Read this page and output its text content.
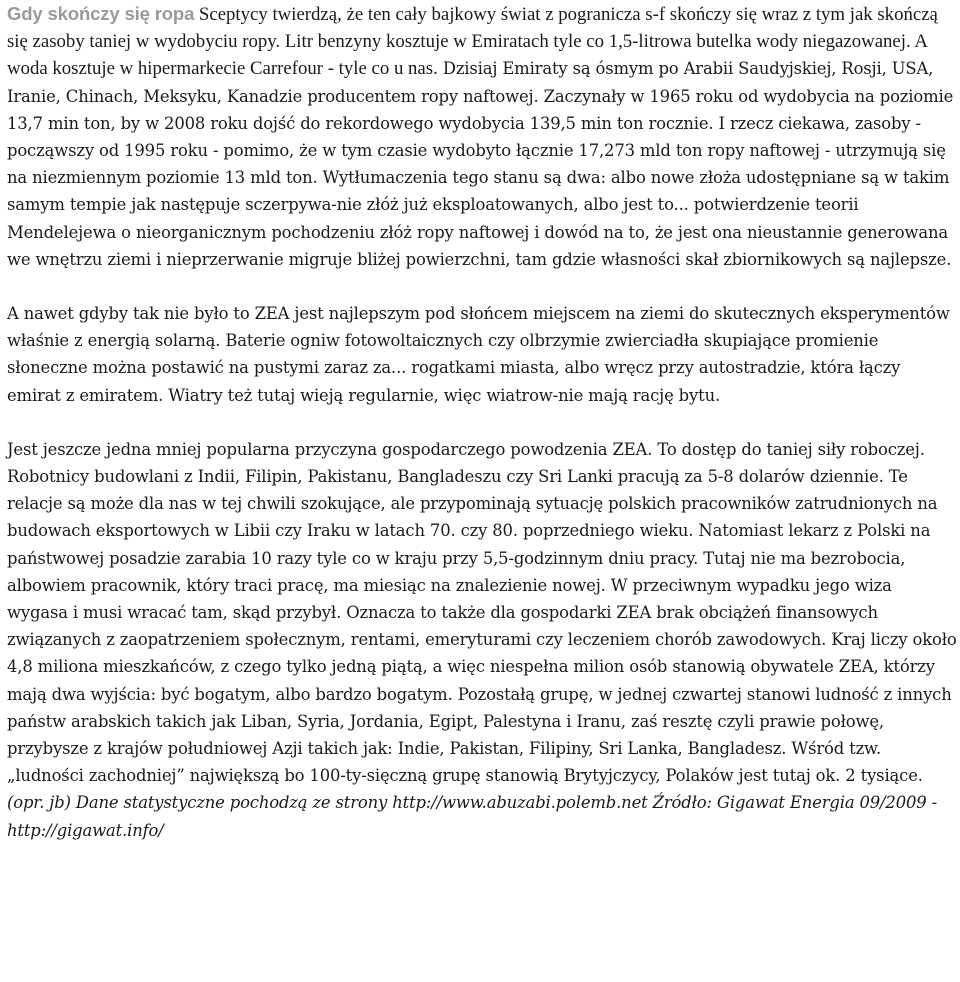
Gdy skończy się ropa Sceptycy twierdzą, że ten cały bajkowy świat z pogranicza s-f skończy się wraz z tym jak skończą się zasoby taniej w wydobyciu ropy. Litr benzyny kosztuje w Emiratach tyle co 1,5-litrowa butelka wody niegazowanej. A woda kosztuje w hipermarkecie Carrefour - tyle co u nas. Dzisiaj Emiraty są ósmym po Arabii Saudyjskiej, Rosji, USA, Iranie, Chinach, Meksyku, Kanadzie producentem ropy naftowej. Zaczynały w 1965 roku od wydobycia na poziomie 13,7 min ton, by w 2008 roku dojść do rekordowego wydobycia 139,5 min ton rocznie. I rzecz ciekawa, zasoby - począwszy od 1995 roku - pomimo, że w tym czasie wydobyto łącznie 17,273 mld ton ropy naftowej - utrzymują się na niezmiennym poziomie 13 mld ton. Wytłumaczenia tego stanu są dwa: albo nowe złoża udostępniane są w takim samym tempie jak następuje sczerpywa-nie złóż już eksploatowanych, albo jest to... potwierdzenie teorii Mendelejewa o nieorganicznym pochodzeniu złóż ropy naftowej i dowód na to, że jest ona nieustannie generowana we wnętrzu ziemi i nieprzerwanie migruje bliżej powierzchni, tam gdzie własności skał zbiornikowych są najlepsze.

A nawet gdyby tak nie było to ZEA jest najlepszym pod słońcem miejscem na ziemi do skutecznych eksperymentów właśnie z energią solarną. Baterie ogniw fotowoltaicznych czy olbrzymie zwierciadła skupiające promienie słoneczne można postawić na pustymi zaraz za... rogatkami miasta, albo wręcz przy autostradzie, która łączy emirat z emiratem. Wiatry też tutaj wieją regularnie, więc wiatrow-nie mają rację bytu.

Jest jeszcze jedna mniej popularna przyczyna gospodarczego powodzenia ZEA. To dostęp do taniej siły roboczej. Robotnicy budowlani z Indii, Filipin, Pakistanu, Bangladeszu czy Sri Lanki pracują za 5-8 dolarów dziennie. Te relacje są może dla nas w tej chwili szokujące, ale przypominają sytuację polskich pracowników zatrudnionych na budowach eksportowych w Libii czy Iraku w latach 70. czy 80. poprzedniego wieku. Natomiast lekarz z Polski na państwowej posadzie zarabia 10 razy tyle co w kraju przy 5,5-godzinnym dniu pracy. Tutaj nie ma bezrobocia, albowiem pracownik, który traci pracę, ma miesiąc na znalezienie nowej. W przeciwnym wypadku jego wiza wygasa i musi wracać tam, skąd przybył. Oznacza to także dla gospodarki ZEA brak obciążeń finansowych związanych z zaopatrzeniem społecznym, rentami, emeryturami czy leczeniem chorób zawodowych. Kraj liczy około 4,8 miliona mieszkańców, z czego tylko jedną piątą, a więc niespełna milion osób stanowią obywatele ZEA, którzy mają dwa wyjścia: być bogatym, albo bardzo bogatym. Pozostałą grupę, w jednej czwartej stanowi ludność z innych państw arabskich takich jak Liban, Syria, Jordania, Egipt, Palestyna i Iranu, zaś resztę czyli prawie połowę, przybysze z krajów południowej Azji takich jak: Indie, Pakistan, Filipiny, Sri Lanka, Bangladesz. Wśród tzw. „ludności zachodniej” największą bo 100-ty-sięczną grupę stanowią Brytyjczycy, Polaków jest tutaj ok. 2 tysiące. (opr. jb) Dane statystyczne pochodzą ze strony http://www.abuzabi.polemb.net Źródło: Gigawat Energia 09/2009 - http://gigawat.info/
